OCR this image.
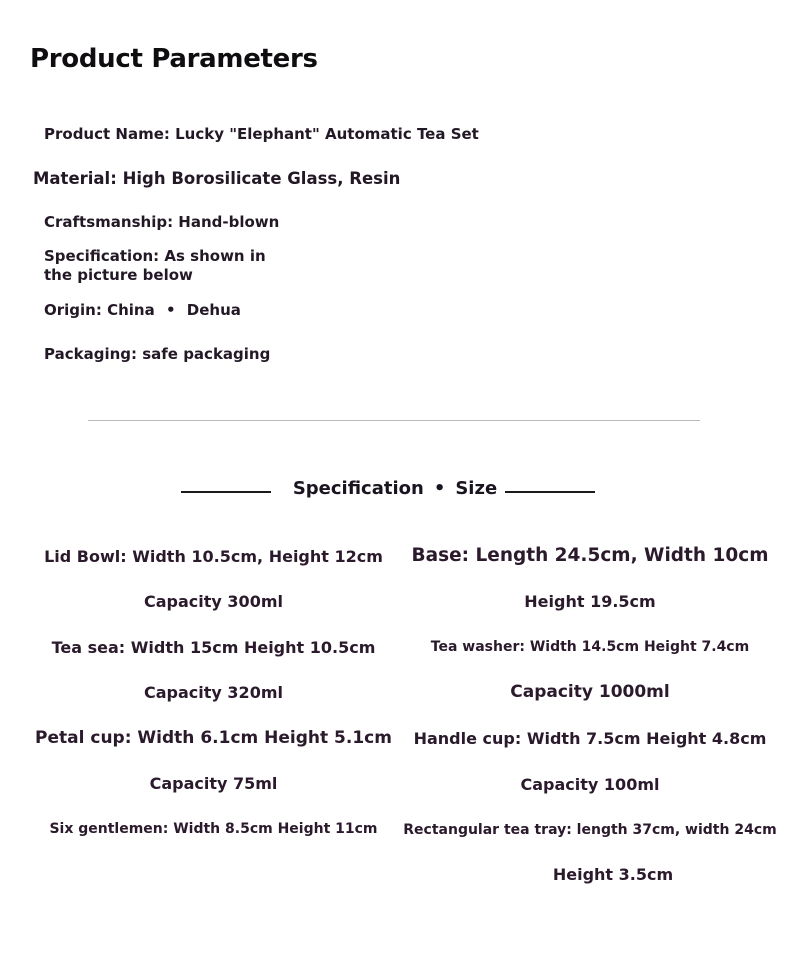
Product Parameters
Product Name: Lucky "Elephant" Automatic Tea Set
Material: High Borosilicate Glass, Resin
Craftsmanship: Hand-blown
Specification: As shown in the picture below
Origin: China • Dehua
Packaging: safe packaging
Specification • Size
Lid Bowl: Width 10.5cm, Height 12cm
Capacity 300ml
Tea sea: Width 15cm Height 10.5cm
Capacity 320ml
Petal cup: Width 6.1cm Height 5.1cm
Capacity 75ml
Six gentlemen: Width 8.5cm Height 11cm
Base: Length 24.5cm, Width 10cm
Height 19.5cm
Tea washer: Width 14.5cm Height 7.4cm
Capacity 1000ml
Handle cup: Width 7.5cm Height 4.8cm
Capacity 100ml
Rectangular tea tray: length 37cm, width 24cm
Height 3.5cm
